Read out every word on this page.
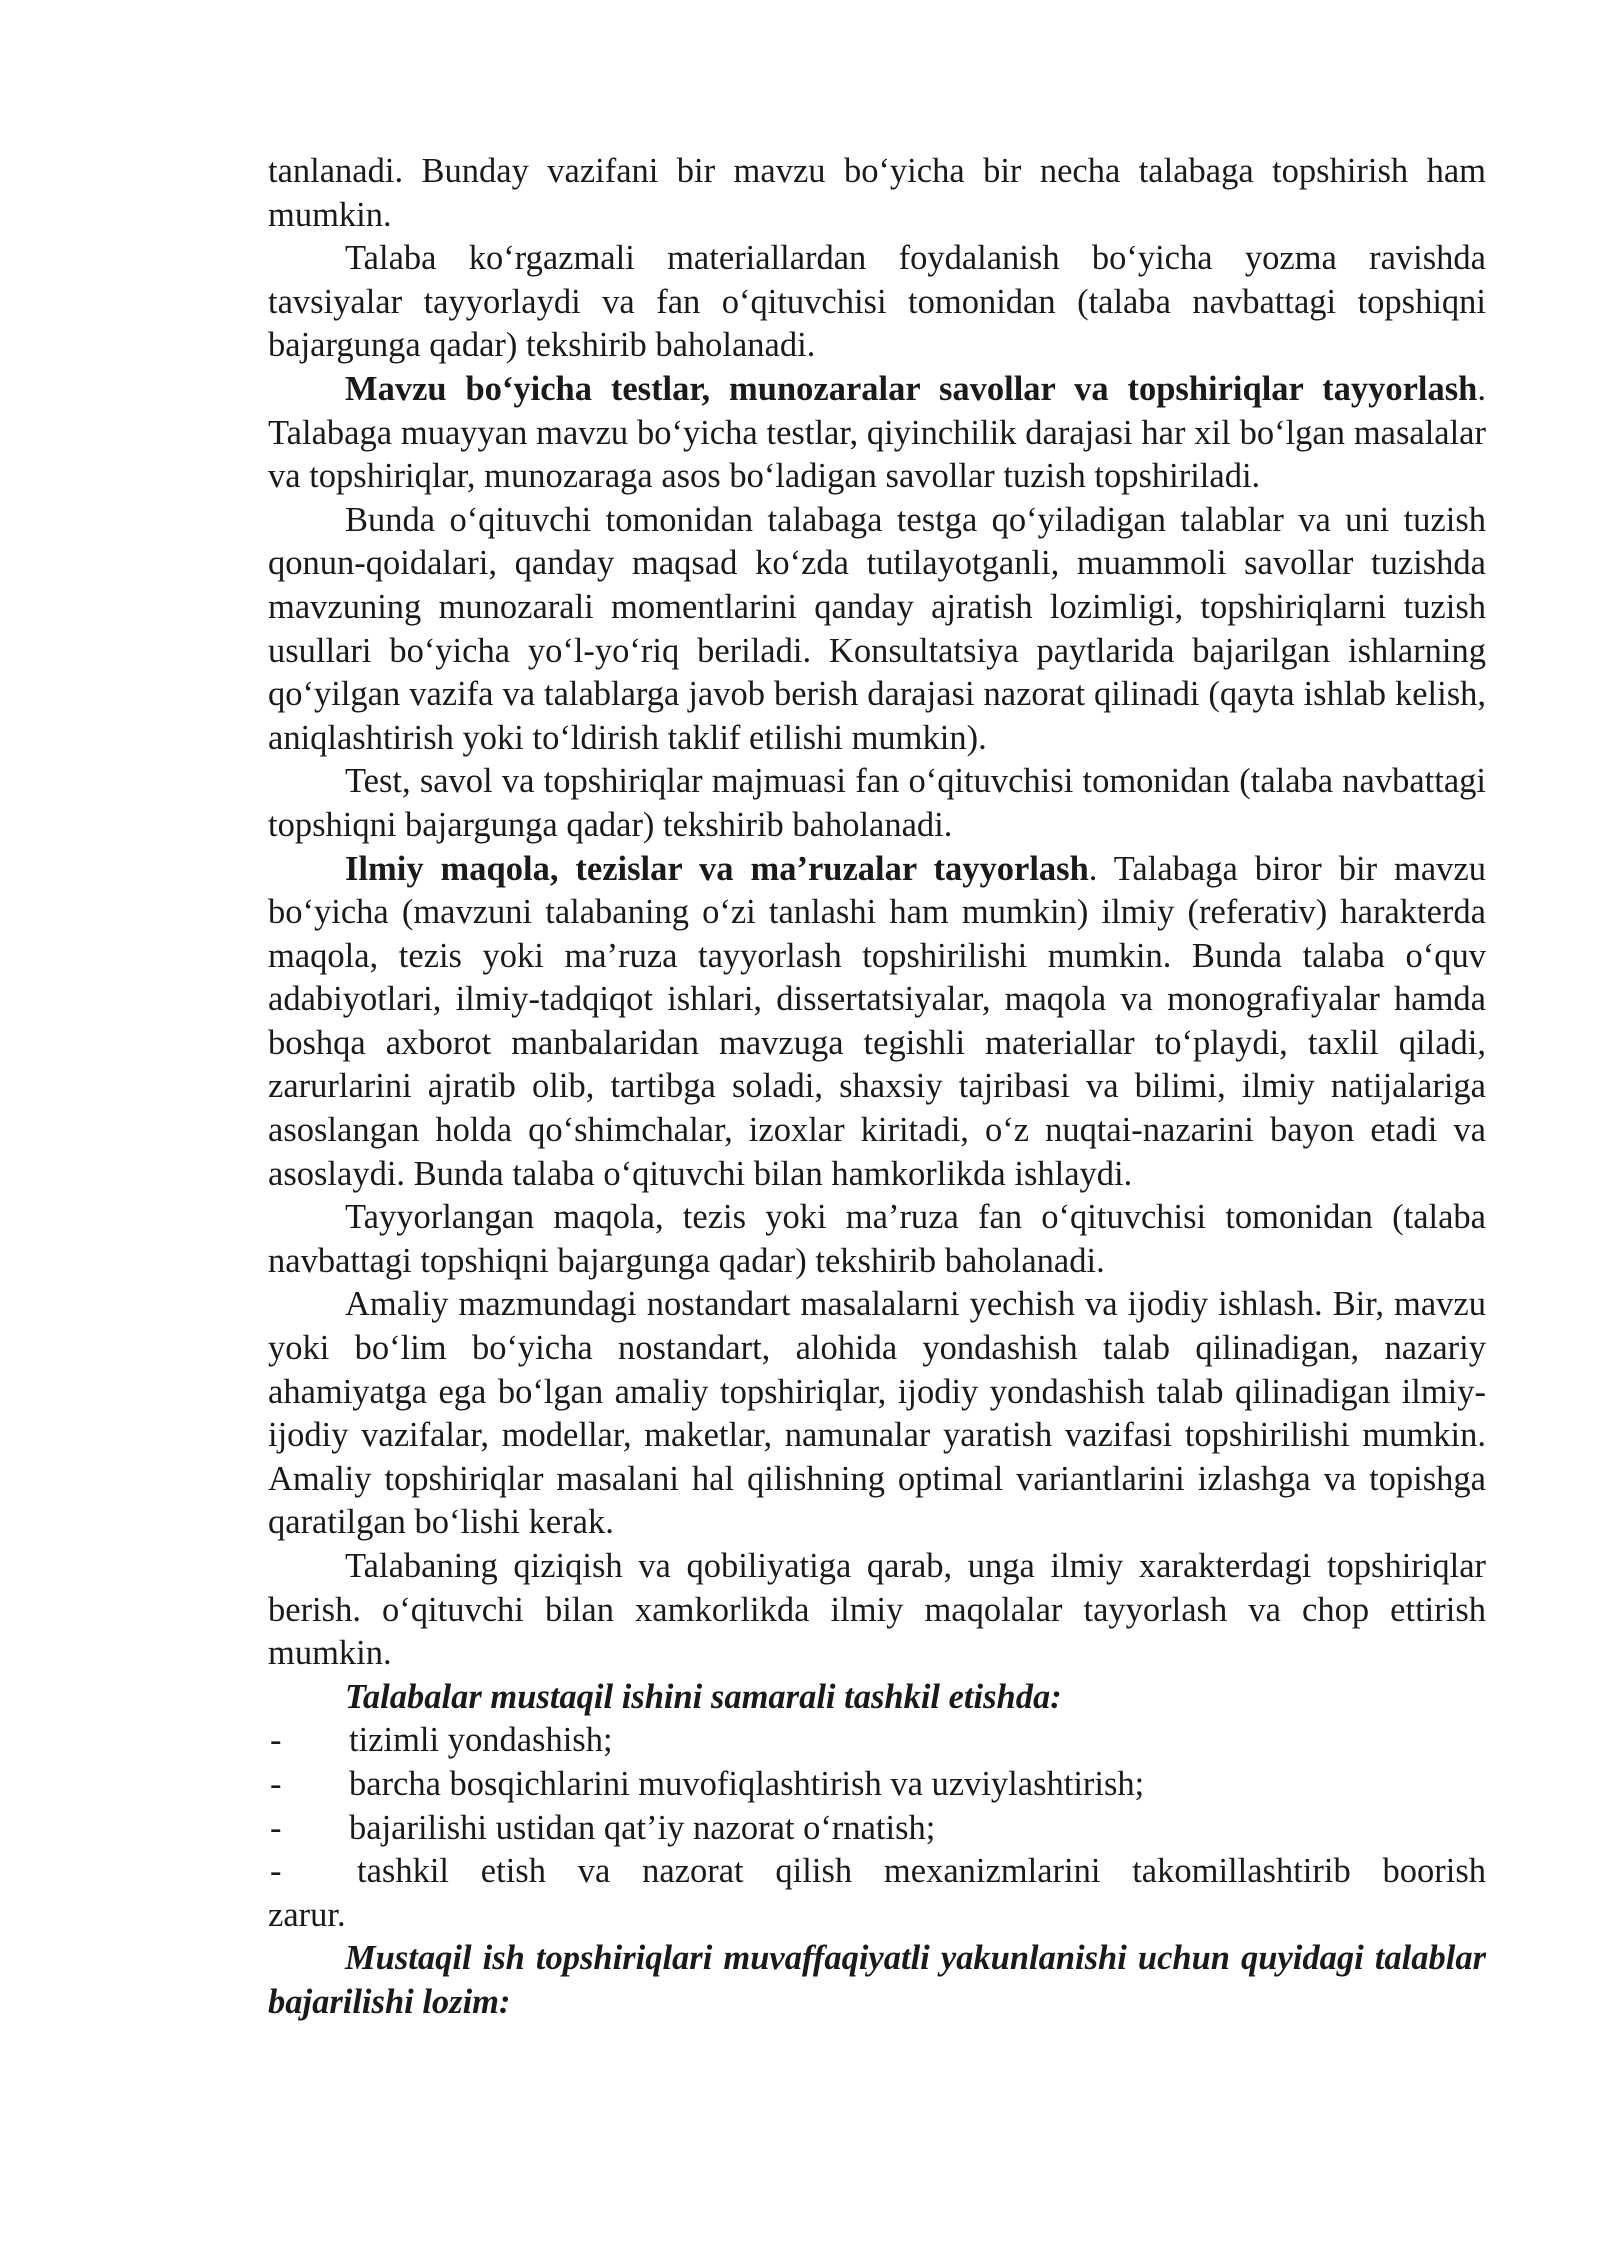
tanlanadi. Bunday vazifani bir mavzu bo‘yicha bir necha talabaga topshirish ham mumkin.

Talaba ko‘rgazmali materiallardan foydalanish bo‘yicha yozma ravishda tavsiyalar tayyorlaydi va fan o‘qituvchisi tomonidan (talaba navbattagi topshiqni bajargunga qadar) tekshirib baholanadi.

Mavzu bo‘yicha testlar, munozaralar savollar va topshiriqlar tayyorlash. Talabaga muayyan mavzu bo‘yicha testlar, qiyinchilik darajasi har xil bo‘lgan masalalar va topshiriqlar, munozaraga asos bo‘ladigan savollar tuzish topshiriladi.

Bunda o‘qituvchi tomonidan talabaga testga qo‘yiladigan talablar va uni tuzish qonun-qoidalari, qanday maqsad ko‘zda tutilayotganli, muammoli savollar tuzishda mavzuning munozarali momentlarini qanday ajratish lozimligi, topshiriqlarni tuzish usullari bo‘yicha yo‘l-yo‘riq beriladi. Konsultatsiya paytlarida bajarilgan ishlarning qo‘yilgan vazifa va talablarga javob berish darajasi nazorat qilinadi (qayta ishlab kelish, aniqlashtirish yoki to‘ldirish taklif etilishi mumkin).

Test, savol va topshiriqlar majmuasi fan o‘qituvchisi tomonidan (talaba navbattagi topshiqni bajargunga qadar) tekshirib baholanadi.

Ilmiy maqola, tezislar va ma’ruzalar tayyorlash. Talabaga biror bir mavzu bo‘yicha (mavzuni talabaning o‘zi tanlashi ham mumkin) ilmiy (referativ) harakterda maqola, tezis yoki ma’ruza tayyorlash topshirilishi mumkin. Bunda talaba o‘quv adabiyotlari, ilmiy-tadqiqot ishlari, dissertatsiyalar, maqola va monografiyalar hamda boshqa axborot manbalaridan mavzuga tegishli materiallar to‘playdi, taxlil qiladi, zarurlarini ajratib olib, tartibga soladi, shaxsiy tajribasi va bilimi, ilmiy natijalariga asoslangan holda qo‘shimchalar, izoxlar kiritadi, o‘z nuqtai-nazarini bayon etadi va asoslaydi. Bunda talaba o‘qituvchi bilan hamkorlikda ishlaydi.

Tayyorlangan maqola, tezis yoki ma’ruza fan o‘qituvchisi tomonidan (talaba navbattagi topshiqni bajargunga qadar) tekshirib baholanadi.

Amaliy mazmundagi nostandart masalalarni yechish va ijodiy ishlash. Bir, mavzu yoki bo‘lim bo‘yicha nostandart, alohida yondashish talab qilinadigan, nazariy ahamiyatga ega bo‘lgan amaliy topshiriqlar, ijodiy yondashish talab qilinadigan ilmiy-ijodiy vazifalar, modellar, maketlar, namunalar yaratish vazifasi topshirilishi mumkin. Amaliy topshiriqlar masalani hal qilishning optimal variantlarini izlashga va topishga qaratilgan bo‘lishi kerak.

Talabaning qiziqish va qobiliyatiga qarab, unga ilmiy xarakterdagi topshiriqlar berish. o‘qituvchi bilan xamkorlikda ilmiy maqolalar tayyorlash va chop ettirish mumkin.

Talabalar mustaqil ishini samarali tashkil etishda:

-	tizimli yondashish;
-	barcha bosqichlarini muvofiqlashtirish va uzviylashtirish;
-	bajarilishi ustidan qat’iy nazorat o‘rnatish;
-	tashkil etish va nazorat qilish mexanizmlarini takomillashtirib boorish

zarur.

Mustaqil ish topshiriqlari muvaffaqiyatli yakunlanishi uchun quyidagi talablar bajarilishi lozim:
